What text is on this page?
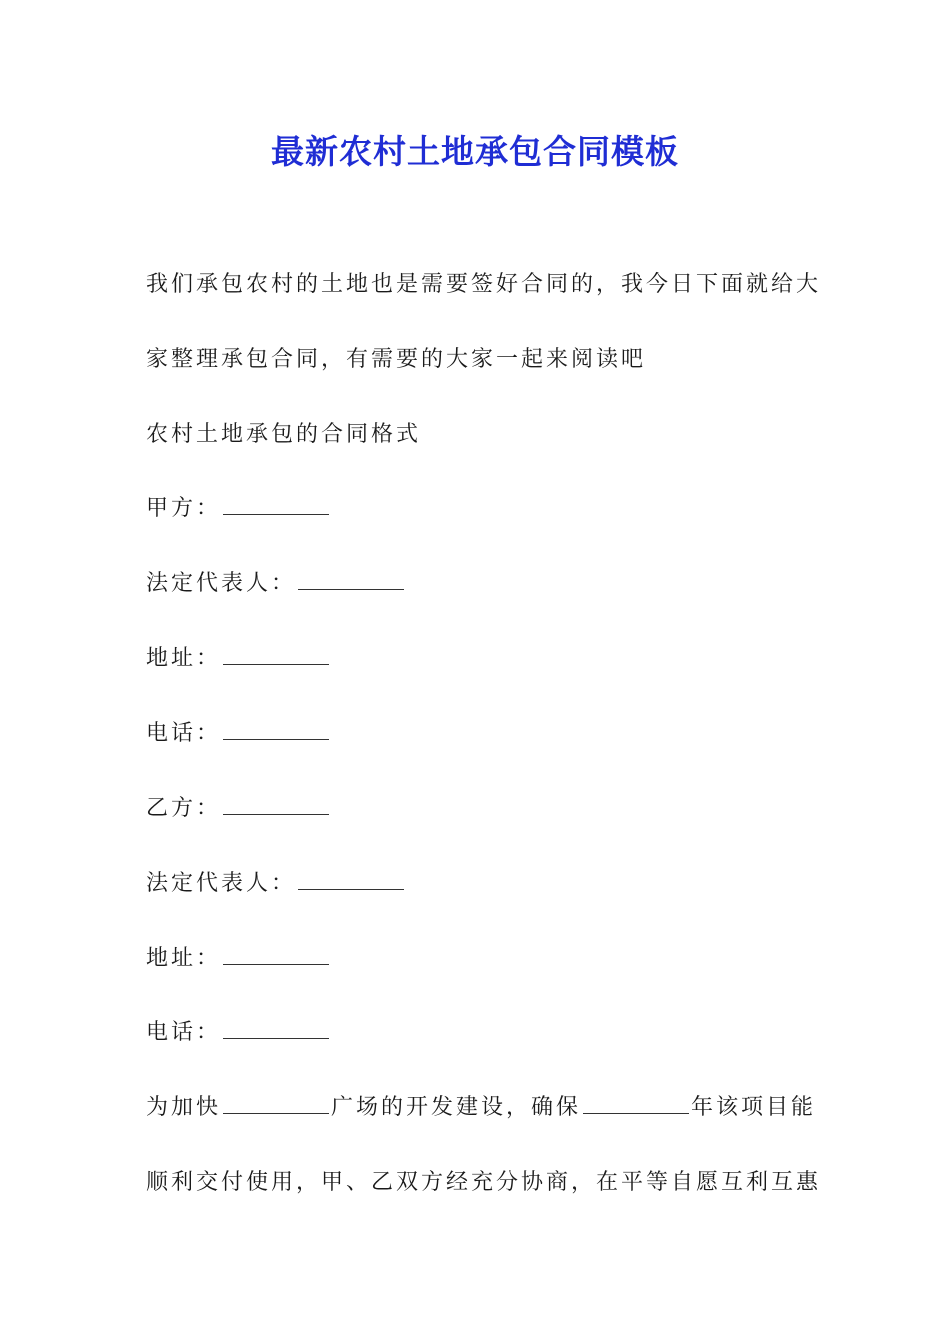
最新农村土地承包合同模板
我们承包农村的土地也是需要签好合同的，我今日下面就给大
家整理承包合同，有需要的大家一起来阅读吧
农村土地承包的合同格式
甲方：
法定代表人：
地址：
电话：
乙方：
法定代表人：
地址：
电话：
为加快	广场的开发建设，确保	年该项目能
顺利交付使用，甲、乙双方经充分协商，在平等自愿互利互惠
